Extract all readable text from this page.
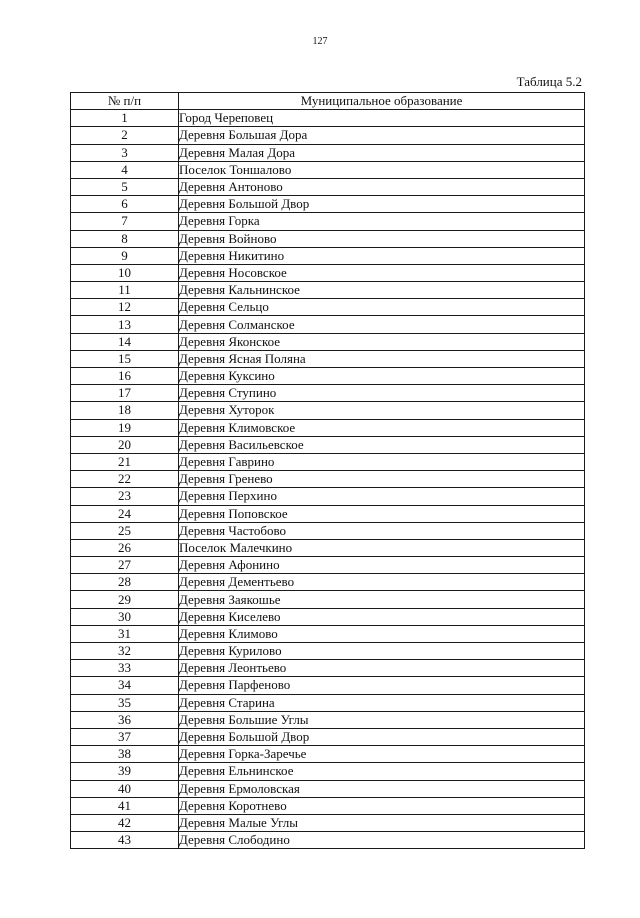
127
Таблица 5.2
№ п/п	Муниципальное образование
1	Город Череповец
2	Деревня Большая Дора
3	Деревня Малая Дора
4	Поселок Тоншалово
5	Деревня Антоново
6	Деревня Большой Двор
7	Деревня Горка
8	Деревня Войново
9	Деревня Никитино
10	Деревня Носовское
11	Деревня Кальнинское
12	Деревня Сельцо
13	Деревня Солманское
14	Деревня Яконское
15	Деревня Ясная Поляна
16	Деревня Куксино
17	Деревня Ступино
18	Деревня Хуторок
19	Деревня Климовское
20	Деревня Васильевское
21	Деревня Гаврино
22	Деревня Гренево
23	Деревня Перхино
24	Деревня Поповское
25	Деревня Частобово
26	Поселок Малечкино
27	Деревня Афонино
28	Деревня Дементьево
29	Деревня Заякошье
30	Деревня Киселево
31	Деревня Климово
32	Деревня Курилово
33	Деревня Леонтьево
34	Деревня Парфеново
35	Деревня Старина
36	Деревня Большие Углы
37	Деревня Большой Двор
38	Деревня Горка-Заречье
39	Деревня Ельнинское
40	Деревня Ермоловская
41	Деревня Коротнево
42	Деревня Малые Углы
43	Деревня Слободино
